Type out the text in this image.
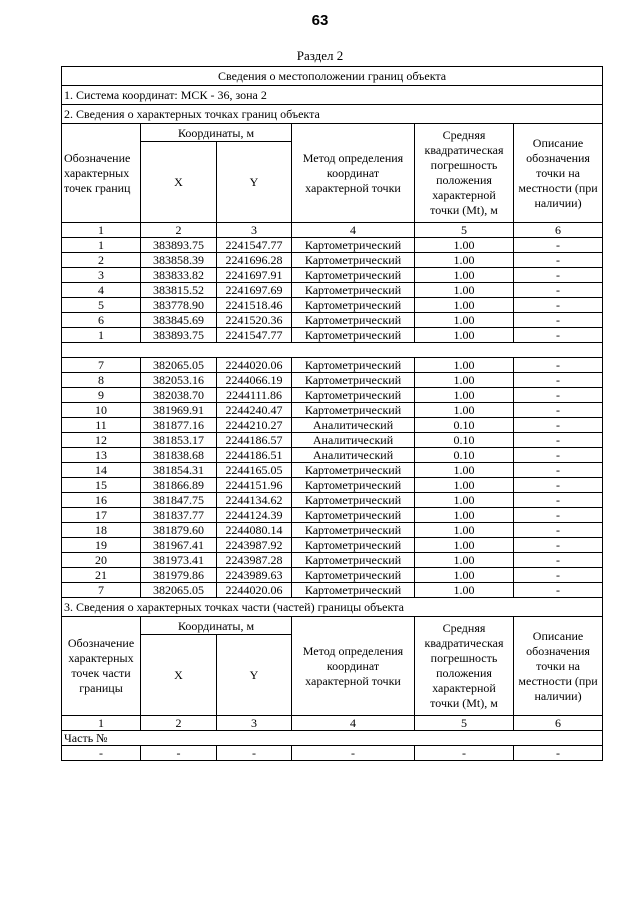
63
Раздел 2
Сведения о местоположении границ объекта					
1. Система координат: МСК - 36, зона 2					
2. Сведения о характерных точках границ объекта					
Обозначение характерных точек границ	Координаты, м		Метод определения координат характерной точки	Средняя квадратическая погрешность положения характерной точки (Mt), м	Описание обозначения точки на местности (при наличии)
	X	Y			
1	2	3	4	5	6
1	383893.75	2241547.77	Картометрический	1.00	-
2	383858.39	2241696.28	Картометрический	1.00	-
3	383833.82	2241697.91	Картометрический	1.00	-
4	383815.52	2241697.69	Картометрический	1.00	-
5	383778.90	2241518.46	Картометрический	1.00	-
6	383845.69	2241520.36	Картометрический	1.00	-
1	383893.75	2241547.77	Картометрический	1.00	-

7	382065.05	2244020.06	Картометрический	1.00	-
8	382053.16	2244066.19	Картометрический	1.00	-
9	382038.70	2244111.86	Картометрический	1.00	-
10	381969.91	2244240.47	Картометрический	1.00	-
11	381877.16	2244210.27	Аналитический	0.10	-
12	381853.17	2244186.57	Аналитический	0.10	-
13	381838.68	2244186.51	Аналитический	0.10	-
14	381854.31	2244165.05	Картометрический	1.00	-
15	381866.89	2244151.96	Картометрический	1.00	-
16	381847.75	2244134.62	Картометрический	1.00	-
17	381837.77	2244124.39	Картометрический	1.00	-
18	381879.60	2244080.14	Картометрический	1.00	-
19	381967.41	2243987.92	Картометрический	1.00	-
20	381973.41	2243987.28	Картометрический	1.00	-
21	381979.86	2243989.63	Картометрический	1.00	-
7	382065.05	2244020.06	Картометрический	1.00	-
3. Сведения о характерных точках части (частей) границы объекта					
Обозначение характерных точек части границы	Координаты, м		Метод определения координат характерной точки	Средняя квадратическая погрешность положения характерной точки (Mt), м	Описание обозначения точки на местности (при наличии)
	X	Y			
1	2	3	4	5	6
Часть №					
-	-	-	-	-	-
